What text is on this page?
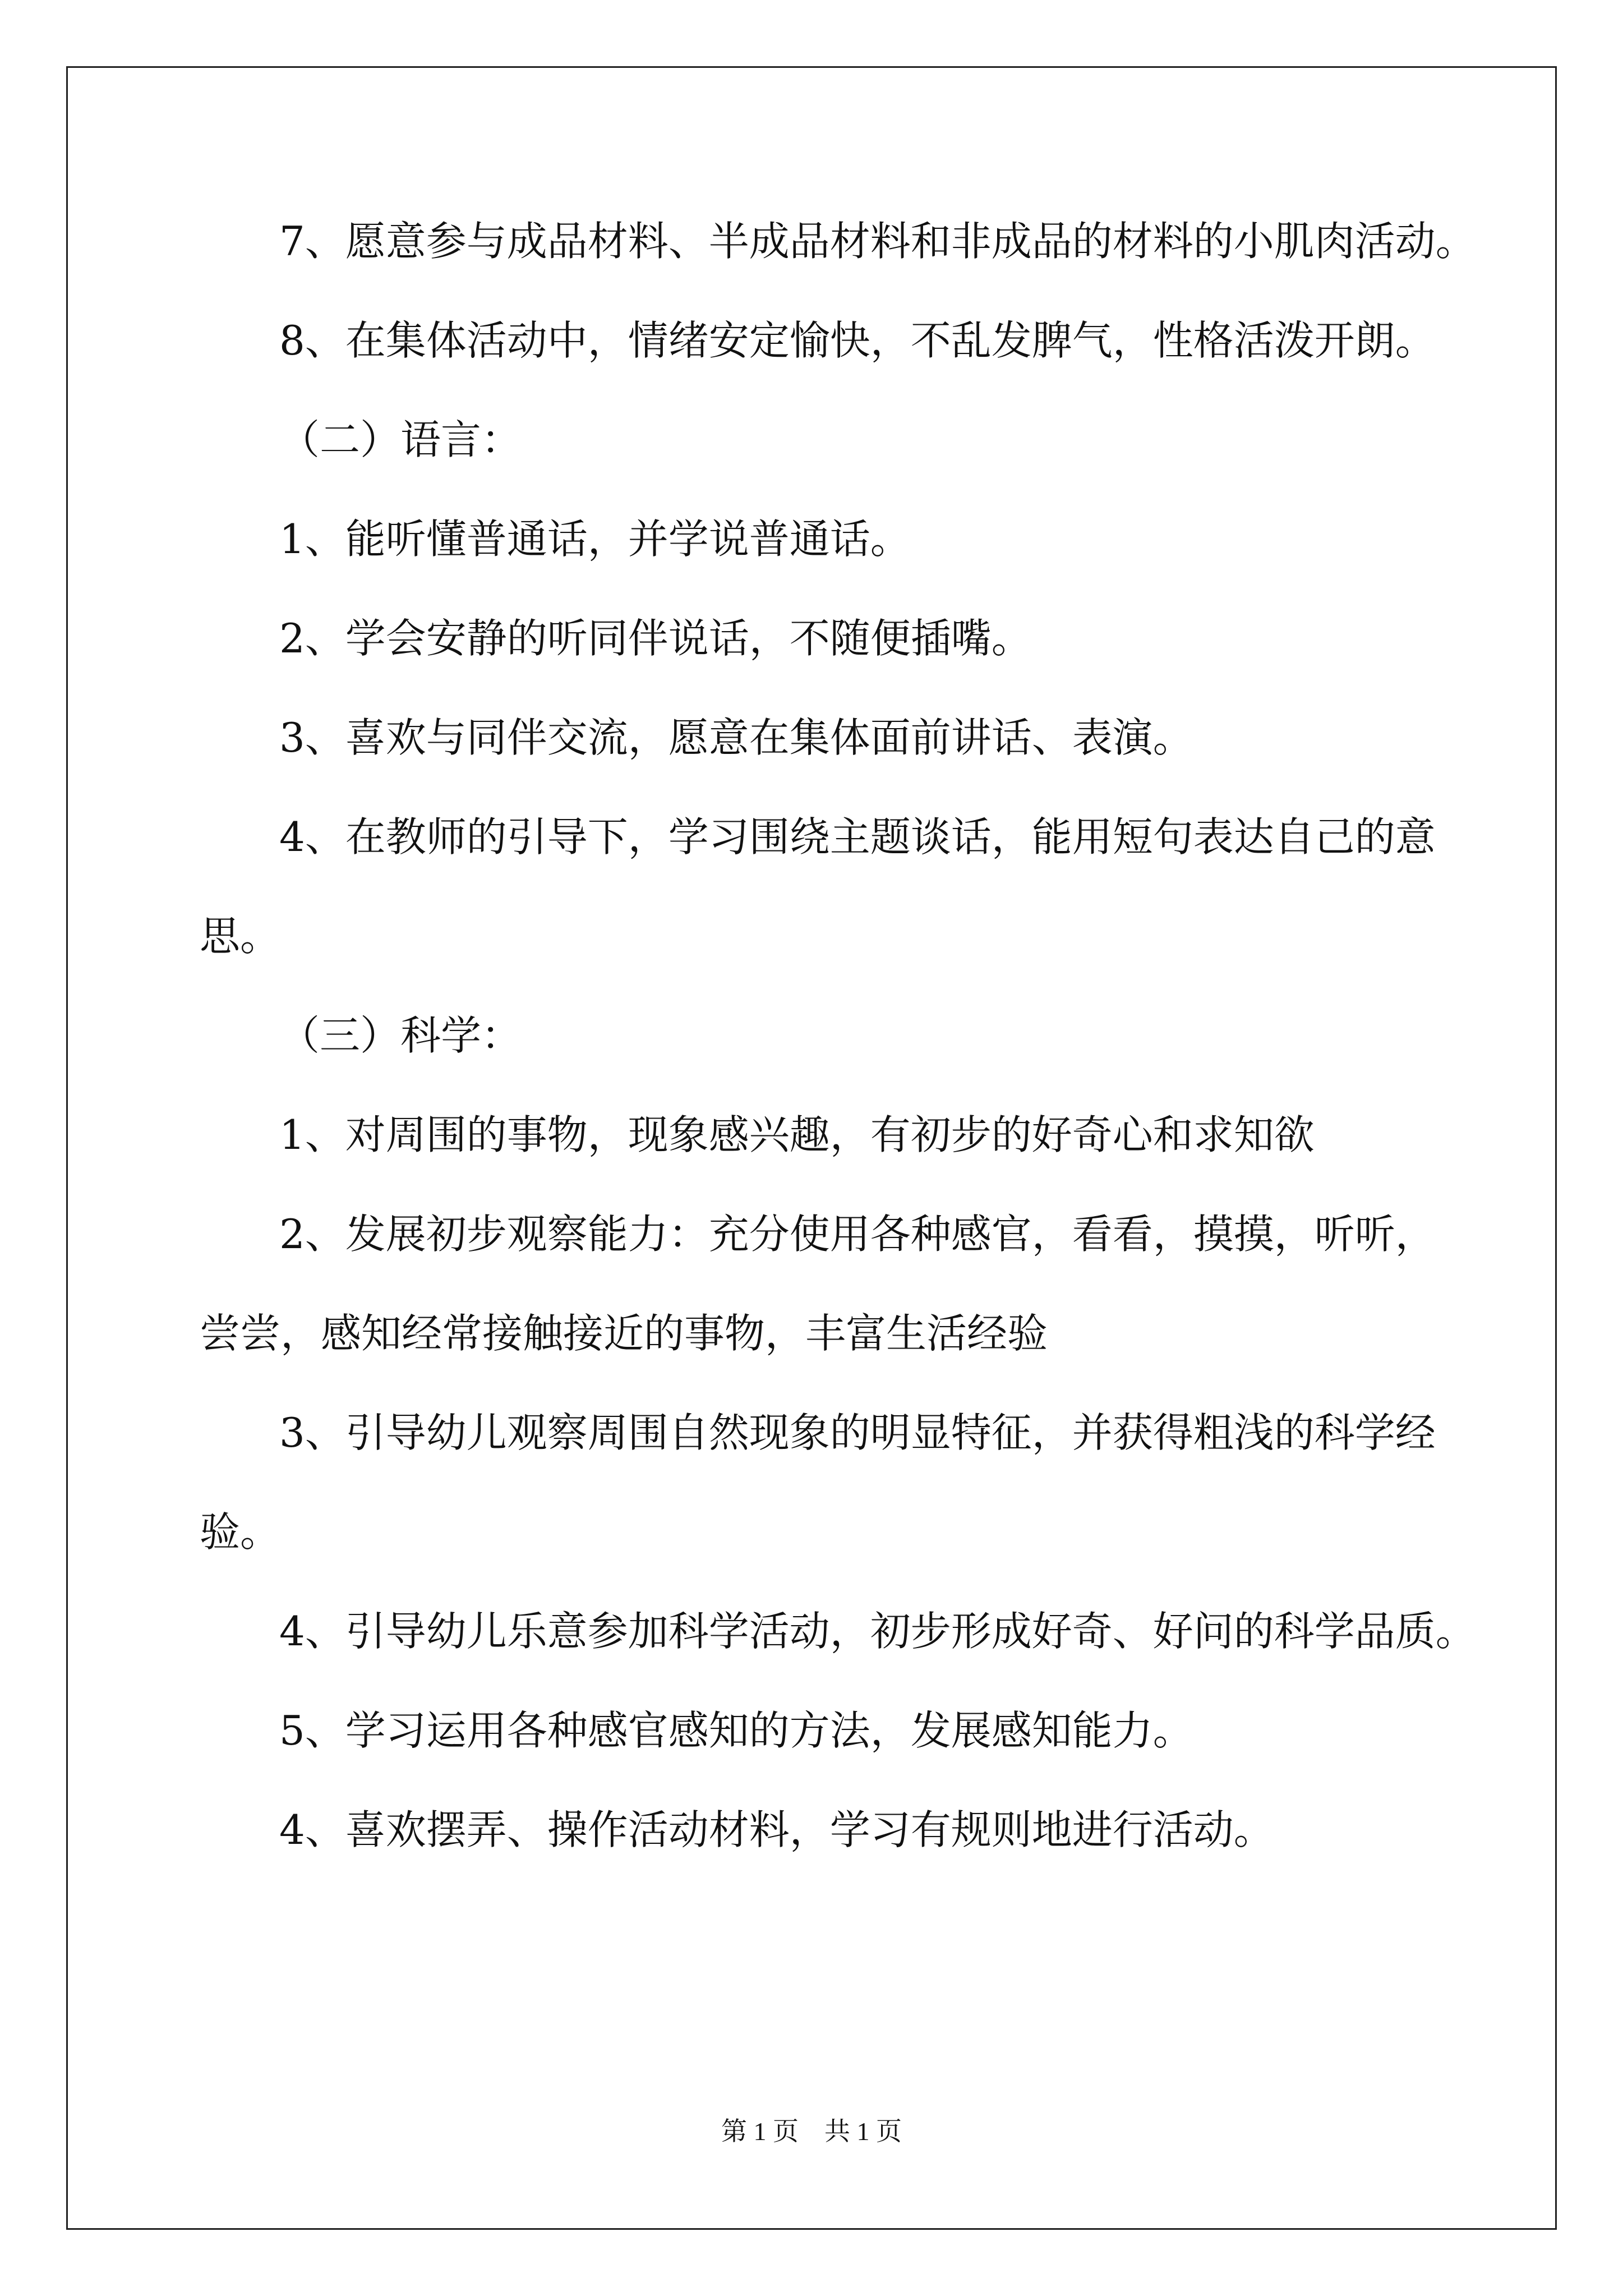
7、愿意参与成品材料、半成品材料和非成品的材料的小肌肉活动。
8、在集体活动中，情绪安定愉快，不乱发脾气，性格活泼开朗。
（二）语言：
1、能听懂普通话，并学说普通话。
2、学会安静的听同伴说话，不随便插嘴。
3、喜欢与同伴交流，愿意在集体面前讲话、表演。
4、在教师的引导下，学习围绕主题谈话，能用短句表达自己的意
思。
（三）科学：
1、对周围的事物，现象感兴趣，有初步的好奇心和求知欲
2、发展初步观察能力：充分使用各种感官，看看，摸摸，听听，
尝尝，感知经常接触接近的事物，丰富生活经验
3、引导幼儿观察周围自然现象的明显特征，并获得粗浅的科学经
验。
4、引导幼儿乐意参加科学活动，初步形成好奇、好问的科学品质。
5、学习运用各种感官感知的方法，发展感知能力。
4、喜欢摆弄、操作活动材料，学习有规则地进行活动。
第 1 页　共 1 页
